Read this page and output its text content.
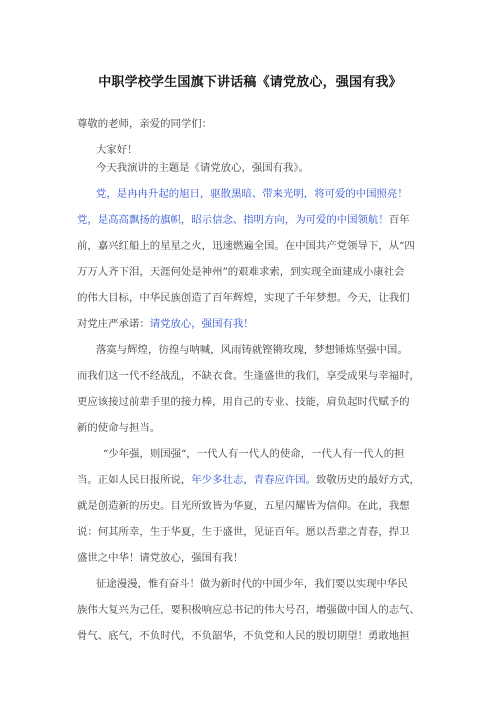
中职学校学生国旗下讲话稿《请党放心，强国有我》
尊敬的老师，亲爱的同学们：
大家好！
今天我演讲的主题是《请党放心，强国有我》。
党，是冉冉升起的旭日，驱散黑暗、带来光明，将可爱的中国照亮！
党，是高高飘扬的旗帜，昭示信念、指明方向，为可爱的中国领航！百年
前，嘉兴红船上的星星之火，迅速燃遍全国。在中国共产党领导下，从“四
万万人齐下泪，天涯何处是神州”的艰难求索，到实现全面建成小康社会
的伟大目标，中华民族创造了百年辉煌，实现了千年梦想。今天，让我们
对党庄严承诺：请党放心，强国有我！
落寞与辉煌，彷徨与呐喊，风雨铸就铿锵玫瑰，梦想锤炼坚强中国。
而我们这一代不经战乱，不缺衣食。生逢盛世的我们，享受成果与幸福时，
更应该接过前辈手里的接力棒，用自己的专业、技能，肩负起时代赋予的
新的使命与担当。
“少年强，则国强“，一代人有一代人的使命，一代人有一代人的担
当。正如人民日报所说，年少多壮志，青春应许国。致敬历史的最好方式，
就是创造新的历史。目光所致皆为华夏，五星闪耀皆为信仰。在此，我想
说：何其所幸，生于华夏，生于盛世，见证百年。愿以吾辈之青春，捍卫
盛世之中华！请党放心，强国有我！
征途漫漫，惟有奋斗！做为新时代的中国少年，我们要以实现中华民
族伟大复兴为己任，要积极响应总书记的伟大号召，增强做中国人的志气、
骨气、底气，不负时代，不负韶华，不负党和人民的殷切期望！勇敢地担
